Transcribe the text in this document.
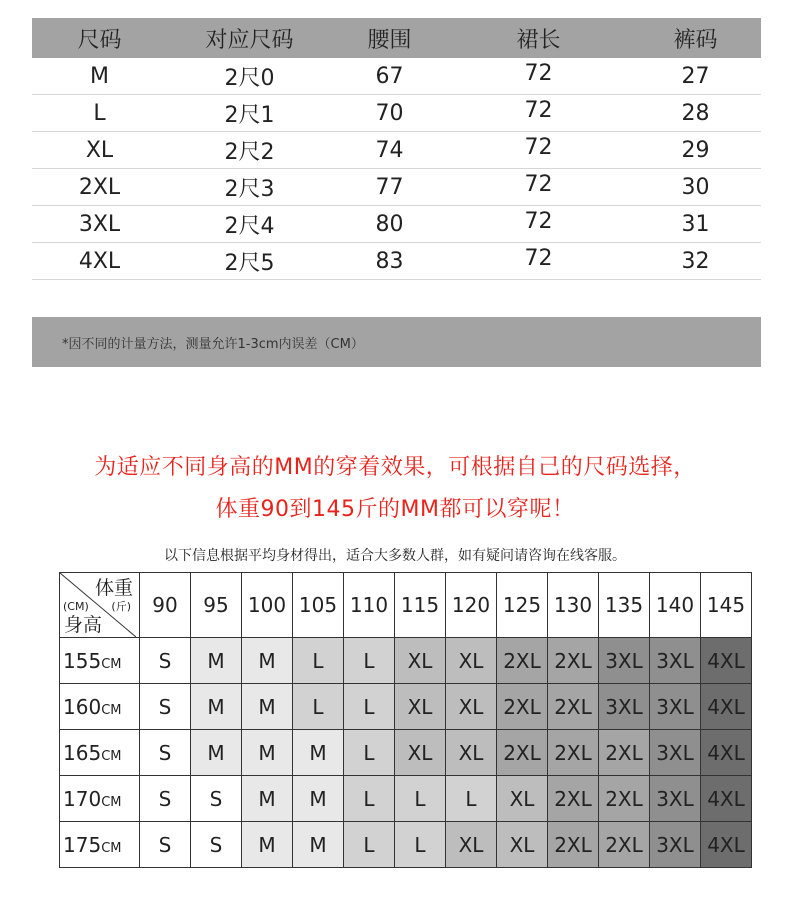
尺码	对应尺码	腰围	裙长	裤码
M	2尺0	67	72	27
L	2尺1	70	72	28
XL	2尺2	74	72	29
2XL	2尺3	77	72	30
3XL	2尺4	80	72	31
4XL	2尺5	83	72	32
*因不同的计量方法，测量允许1-3cm内误差（CM）
为适应不同身高的MM的穿着效果，可根据自己的尺码选择，
体重90到145斤的MM都可以穿呢！
以下信息根据平均身材得出，适合大多数人群，如有疑问请咨询在线客服。
体重
(斤)
(CM)
身高	90	95	100	105	110	115	120	125	130	135	140	145
155CM	S	M	M	L	L	XL	XL	2XL	2XL	3XL	3XL	4XL
160CM	S	M	M	L	L	XL	XL	2XL	2XL	3XL	3XL	4XL
165CM	S	M	M	M	L	XL	XL	2XL	2XL	2XL	3XL	4XL
170CM	S	S	M	M	L	L	L	XL	2XL	2XL	3XL	4XL
175CM	S	S	M	M	L	L	XL	XL	2XL	2XL	3XL	4XL
